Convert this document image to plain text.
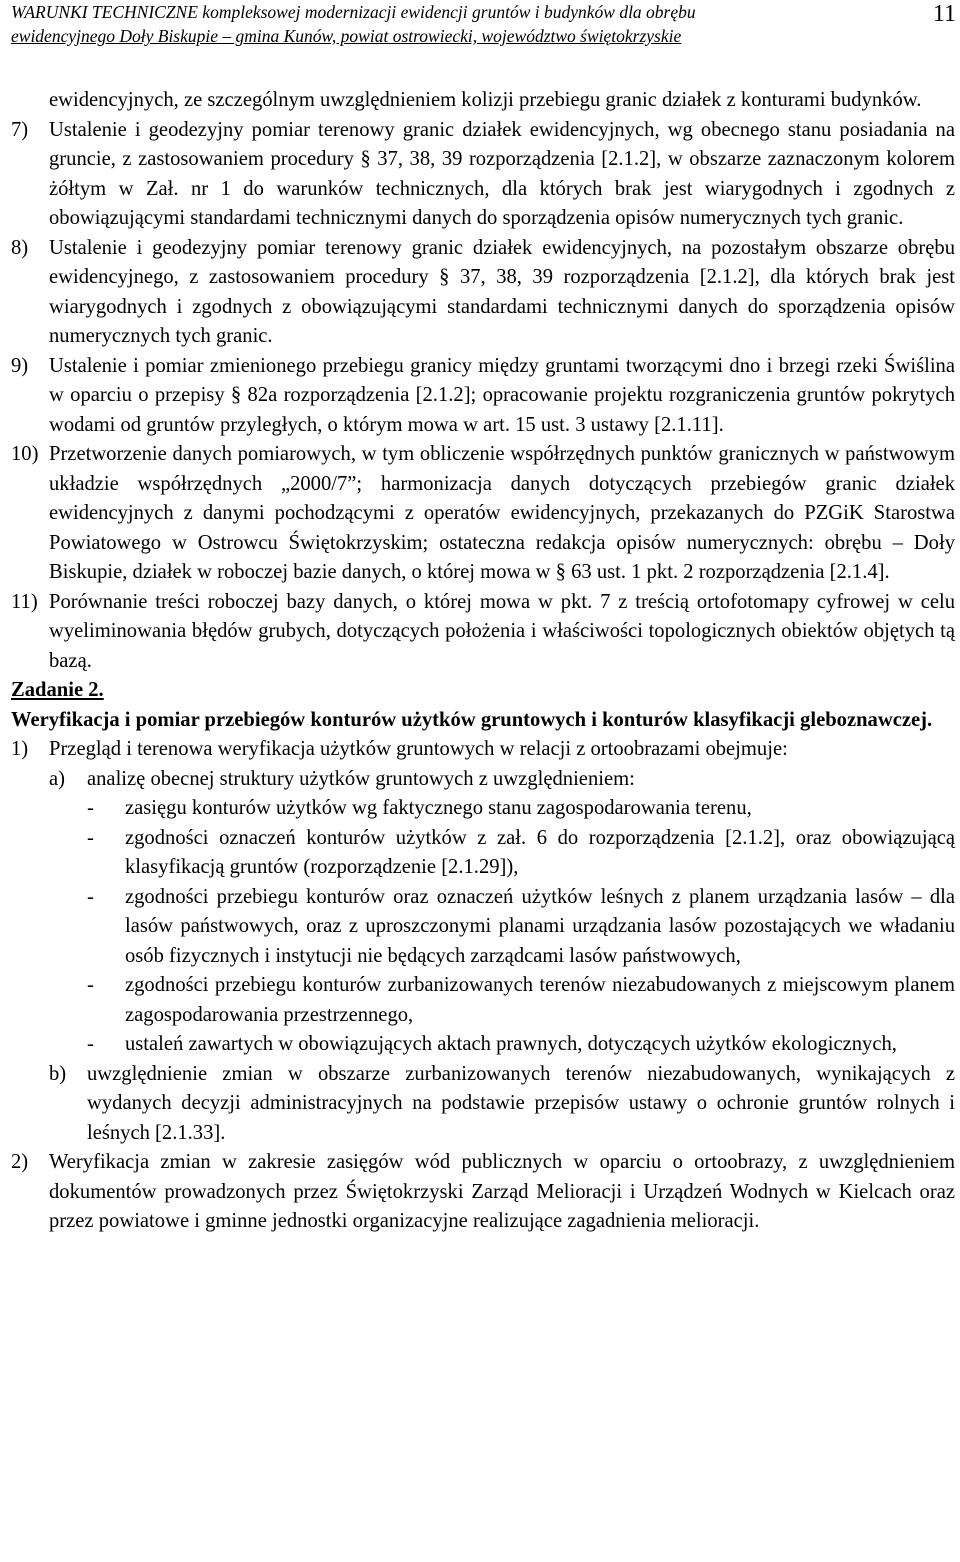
WARUNKI TECHNICZNE kompleksowej modernizacji ewidencji gruntów i budynków dla obrębu
ewidencyjnego Doły Biskupie – gmina Kunów, powiat ostrowiecki, województwo świętokrzyskie
11

ewidencyjnych, ze szczególnym uwzględnieniem kolizji przebiegu granic działek z konturami budynków.

7)	Ustalenie i geodezyjny pomiar terenowy granic działek ewidencyjnych, wg obecnego stanu posiadania na gruncie, z zastosowaniem procedury § 37, 38, 39 rozporządzenia [2.1.2], w obszarze zaznaczonym kolorem żółtym w Zał. nr 1 do warunków technicznych, dla których brak jest wiarygodnych i zgodnych z obowiązującymi standardami technicznymi danych do sporządzenia opisów numerycznych tych granic.
8)	Ustalenie i geodezyjny pomiar terenowy granic działek ewidencyjnych, na pozostałym obszarze obrębu ewidencyjnego, z zastosowaniem procedury § 37, 38, 39 rozporządzenia [2.1.2], dla których brak jest wiarygodnych i zgodnych z obowiązującymi standardami technicznymi danych do sporządzenia opisów numerycznych tych granic.
9)	Ustalenie i pomiar zmienionego przebiegu granicy między gruntami tworzącymi dno i brzegi rzeki Świślina w oparciu o przepisy § 82a rozporządzenia [2.1.2]; opracowanie projektu rozgraniczenia gruntów pokrytych wodami od gruntów przyległych, o którym mowa w art. 15 ust. 3 ustawy [2.1.11].
10) Przetworzenie danych pomiarowych, w tym obliczenie współrzędnych punktów granicznych w państwowym układzie współrzędnych „2000/7”; harmonizacja danych dotyczących przebiegów granic działek ewidencyjnych z danymi pochodzącymi z operatów ewidencyjnych, przekazanych do PZGiK Starostwa Powiatowego w Ostrowcu Świętokrzyskim; ostateczna redakcja opisów numerycznych: obrębu – Doły Biskupie, działek w roboczej bazie danych, o której mowa w § 63 ust. 1 pkt. 2 rozporządzenia [2.1.4].
11) Porównanie treści roboczej bazy danych, o której mowa w pkt. 7 z treścią ortofotomapy cyfrowej w celu wyeliminowania błędów grubych, dotyczących położenia i właściwości topologicznych obiektów objętych tą bazą.
Zadanie 2.
Weryfikacja i pomiar przebiegów konturów użytków gruntowych i konturów klasyfikacji gleboznawczej.
1)	Przegląd i terenowa weryfikacja użytków gruntowych w relacji z ortoobrazami obejmuje:
a)	analizę obecnej struktury użytków gruntowych z uwzględnieniem:
-	zasięgu konturów użytków wg faktycznego stanu zagospodarowania terenu,
-	zgodności oznaczeń konturów użytków z zał. 6 do rozporządzenia [2.1.2], oraz obowiązującą klasyfikacją gruntów (rozporządzenie [2.1.29]),
-	zgodności przebiegu konturów oraz oznaczeń użytków leśnych z planem urządzania lasów – dla lasów państwowych, oraz z uproszczonymi planami urządzania lasów pozostających we władaniu osób fizycznych i instytucji nie będących zarządcami lasów państwowych,
-	zgodności przebiegu konturów zurbanizowanych terenów niezabudowanych z miejscowym planem zagospodarowania przestrzennego,
-	ustaleń zawartych w obowiązujących aktach prawnych, dotyczących użytków ekologicznych,
b)	uwzględnienie zmian w obszarze zurbanizowanych terenów niezabudowanych, wynikających z wydanych decyzji administracyjnych na podstawie przepisów ustawy o ochronie gruntów rolnych i leśnych [2.1.33].
2)	Weryfikacja zmian w zakresie zasięgów wód publicznych w oparciu o ortoobrazy, z uwzględnieniem dokumentów prowadzonych przez Świętokrzyski Zarząd Melioracji i Urządzeń Wodnych w Kielcach oraz przez powiatowe i gminne jednostki organizacyjne realizujące zagadnienia melioracji.
